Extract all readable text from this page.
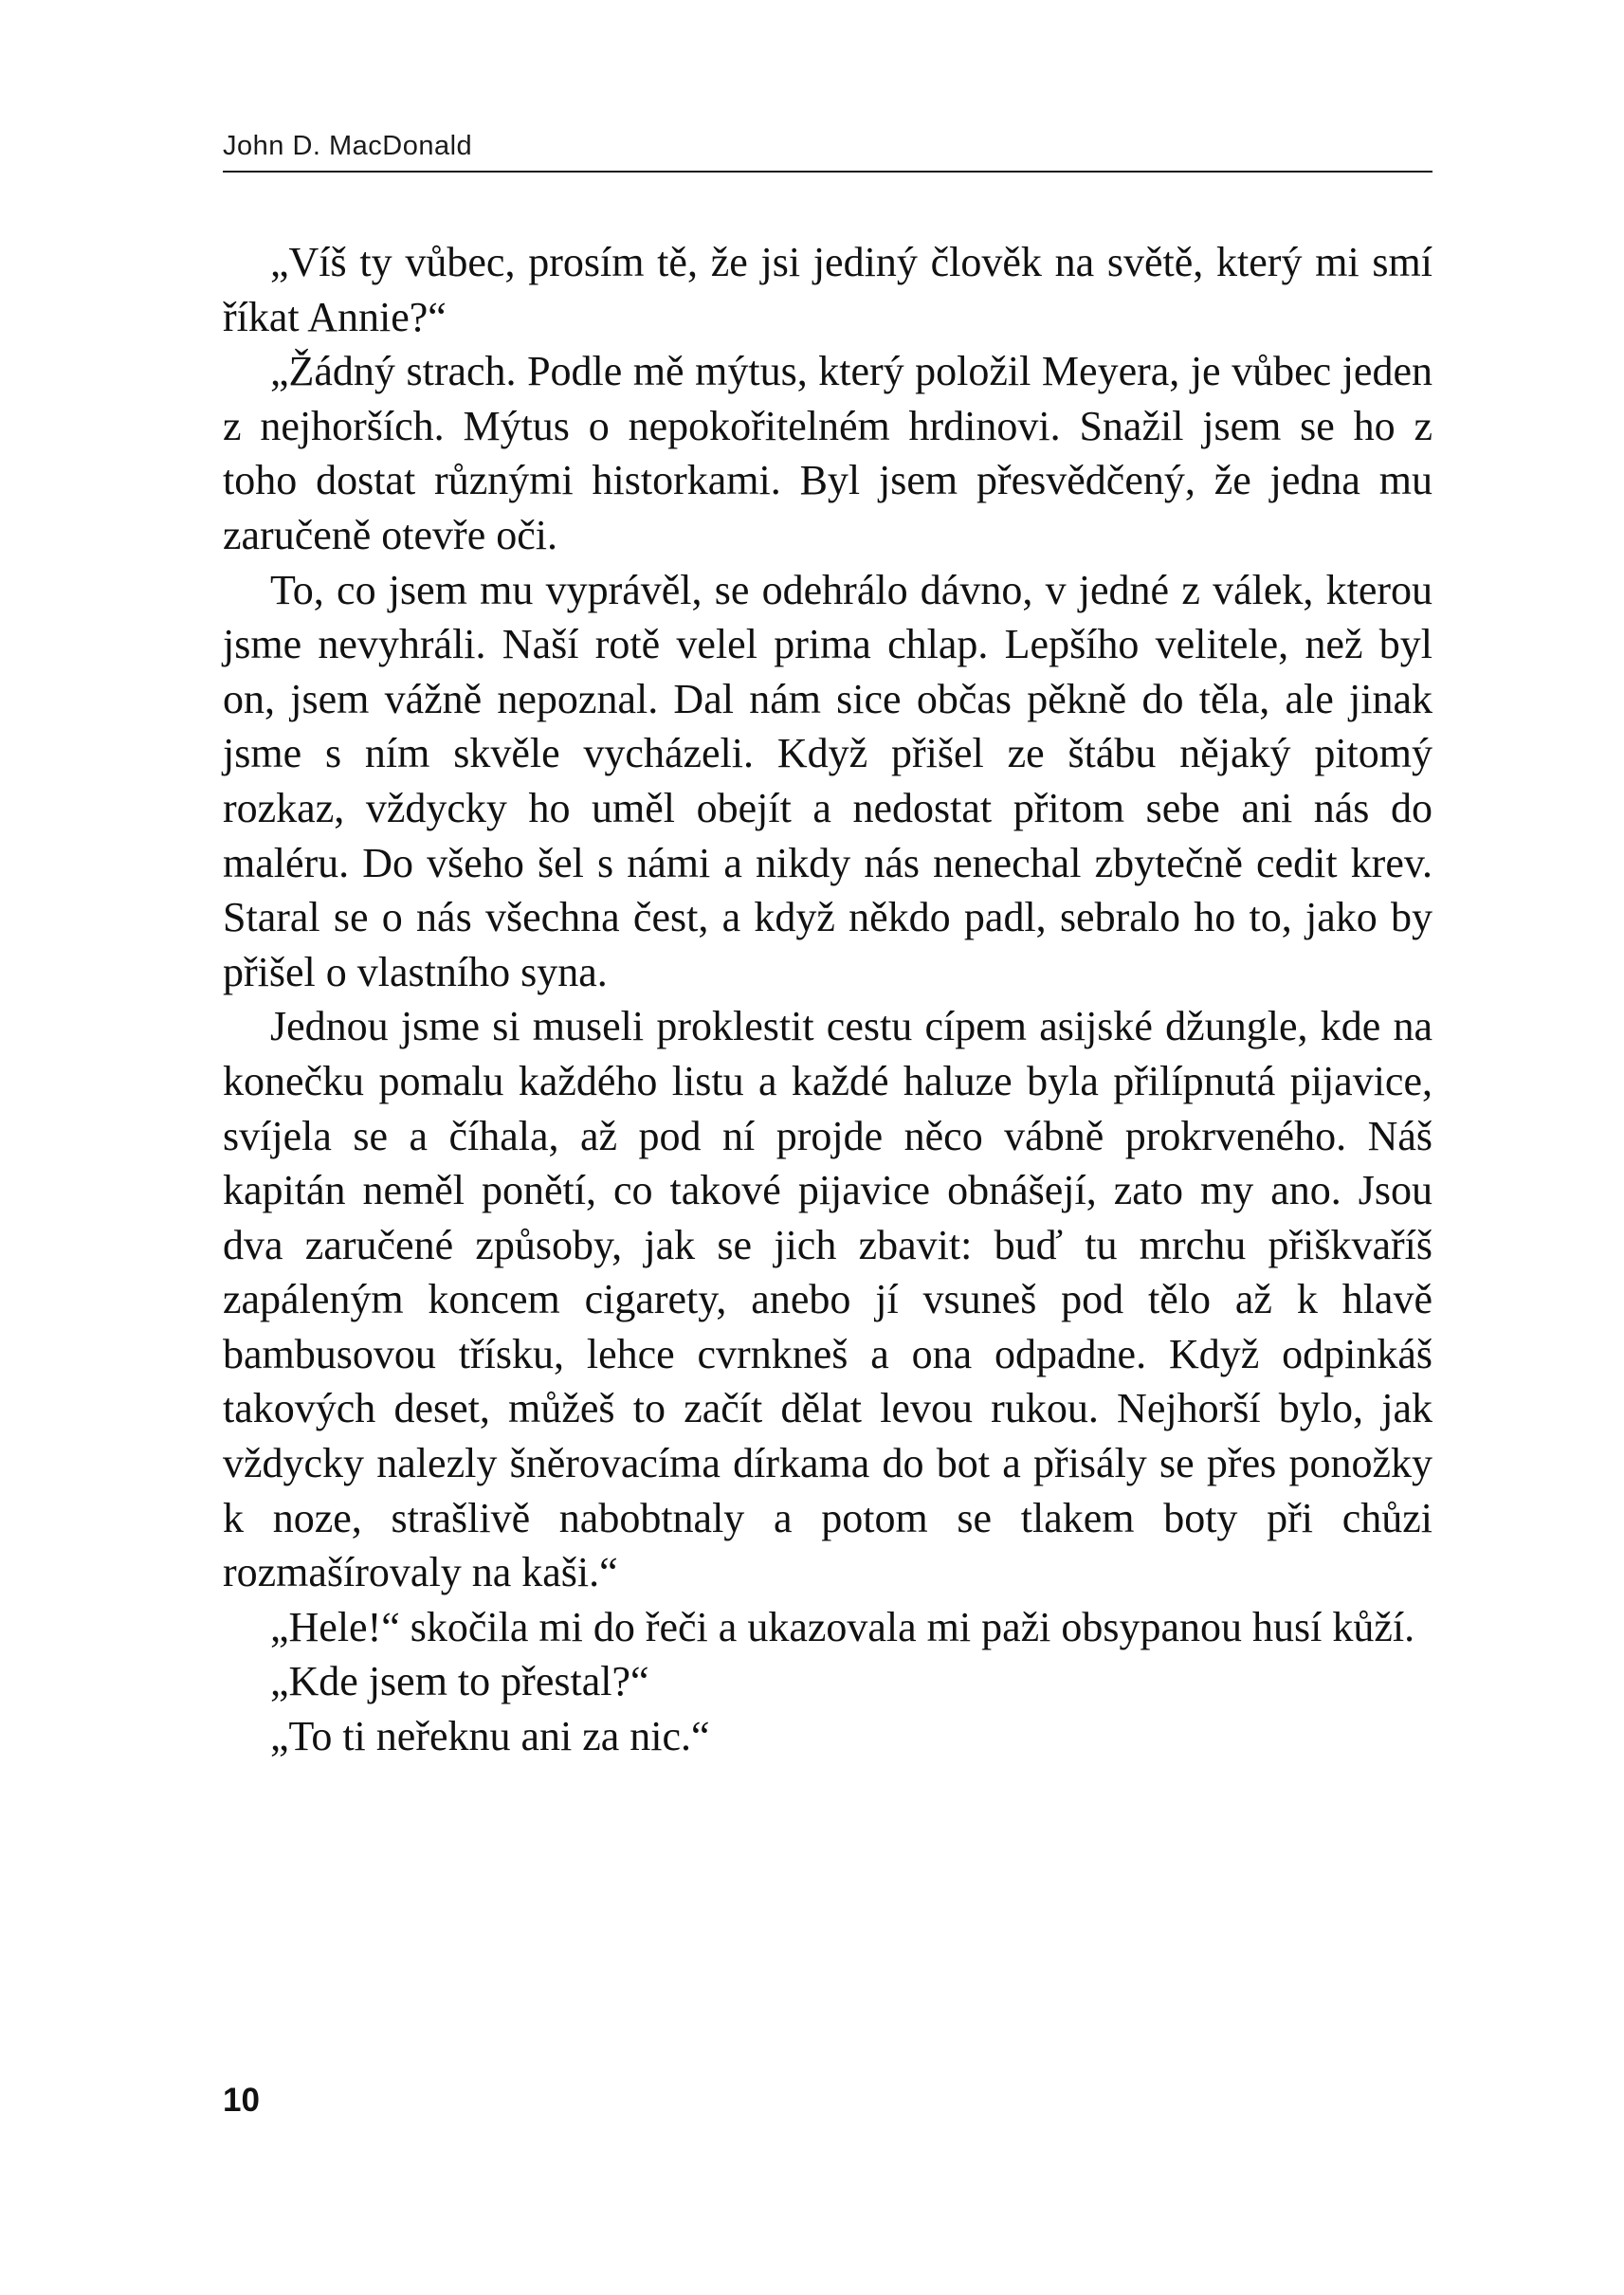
John D. MacDonald

„Víš ty vůbec, prosím tě, že jsi jediný člověk na světě, který mi smí říkat Annie?“

„Žádný strach. Podle mě mýtus, který položil Meyera, je vůbec jeden z nejhorších. Mýtus o nepokořitelném hrdinovi. Snažil jsem se ho z toho dostat různými historkami. Byl jsem přesvědčený, že jedna mu zaručeně otevře oči.

To, co jsem mu vyprávěl, se odehrálo dávno, v jedné z válek, kterou jsme nevyhráli. Naší rotě velel prima chlap. Lepšího velitele, než byl on, jsem vážně nepoznal. Dal nám sice občas pěkně do těla, ale jinak jsme s ním skvěle vycházeli. Když přišel ze štábu nějaký pitomý rozkaz, vždycky ho uměl obejít a nedostat přitom sebe ani nás do maléru. Do všeho šel s námi a nikdy nás nenechal zbytečně cedit krev. Staral se o nás všechna čest, a když někdo padl, sebralo ho to, jako by přišel o vlastního syna.

Jednou jsme si museli proklestit cestu cípem asijské džungle, kde na konečku pomalu každého listu a každé haluze byla přilípnutá pijavice, svíjela se a číhala, až pod ní projde něco vábně prokrveného. Náš kapitán neměl ponětí, co takové pijavice obnášejí, zato my ano. Jsou dva zaručené způsoby, jak se jich zbavit: buď tu mrchu přiškvaříš zapáleným koncem cigarety, anebo jí vsuneš pod tělo až k hlavě bambusovou třísku, lehce cvrnkneš a ona odpadne. Když odpinkáš takových deset, můžeš to začít dělat levou rukou. Nejhorší bylo, jak vždycky nalezly šněrovacíma dírkama do bot a přisály se přes ponožky k noze, strašlivě nabobtnaly a potom se tlakem boty při chůzi rozmašírovaly na kaši.“

„Hele!“ skočila mi do řeči a ukazovala mi paži obsypanou husí kůží.

„Kde jsem to přestal?“

„To ti neřeknu ani za nic.“

10
